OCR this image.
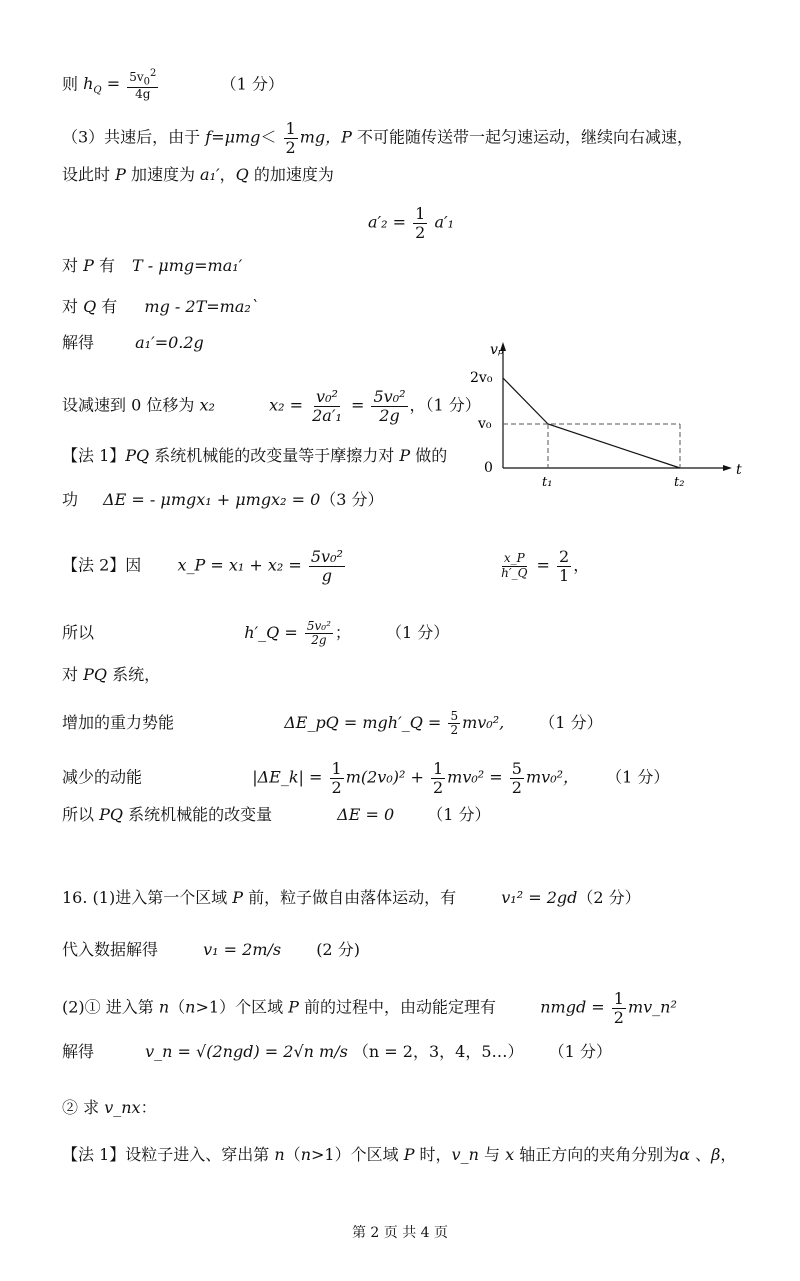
则 $h_Q = \frac{5v_0^2}{4g}$	（1 分）
（3）共速后，由于 $f=\mu mg< \frac{1}{2}$ mg，P 不可能随传送带一起匀速运动，继续向右减速，
设此时 P 加速度为 a₁′，Q 的加速度为
$a'_2 = \frac{1}{2} a'_1$
对 P 有 T - μmg=ma₁′
对 Q 有 mg - 2T=ma₂`
解得	a₁′=0.2g
设减速到 0 位移为 x₂	$x_2 = \frac{\text{v₀²}}{\text{2a′₁}} = \frac{\text{5v₀²}}{2g}$ ，（1 分）
【法 1】PQ 系统机械能的改变量等于摩擦力对 P 做的
功 ΔE = - μmgx₁ + μmgx₂ = 0（3 分）
【法 2】因 x_P = $x_1 + x_2 = \frac{\text{5v₀²}}{g}$
	$\frac{x\_P}{h'\_Q} = \frac{2}{1}$ ，
所以	h′_Q = $\frac{\text{5v₀²}}{2g}$ ； （1 分）
对 PQ 系统，
增加的重力势能	ΔE_pQ = mgh′_Q = $\frac{5}{2} mv_0^2$, （1 分）
减少的动能	|ΔE_k| = $\frac{1}{2} m(2v_0)^2 + \frac{1}{2} mv_0^2 = \frac{5}{2} mv_0^2$， （1 分）
所以 PQ 系统机械能的改变量	ΔE = 0 （1 分）
16. (1)进入第一个区域 P 前，粒子做自由落体运动，有	v₁² = 2gd（2 分）
代入数据解得	v₁ = 2m/s (2 分)
(2)① 进入第 n（n>1）个区域 P 前的过程中，由动能定理有	nmgd = $\frac{1}{2}$ mv_n²
解得	v_n = √(2ngd) = 2√n m/s （n = 2，3，4，5…） （1 分）
② 求 v_nx：
【法 1】设粒子进入、穿出第 n（n>1）个区域 P 时，v_n 与 x 轴正方向的夹角分别为α 、β，
vₚ
2v₀
v₀
0
t₁	t₂
t
第 2 页 共 4 页
